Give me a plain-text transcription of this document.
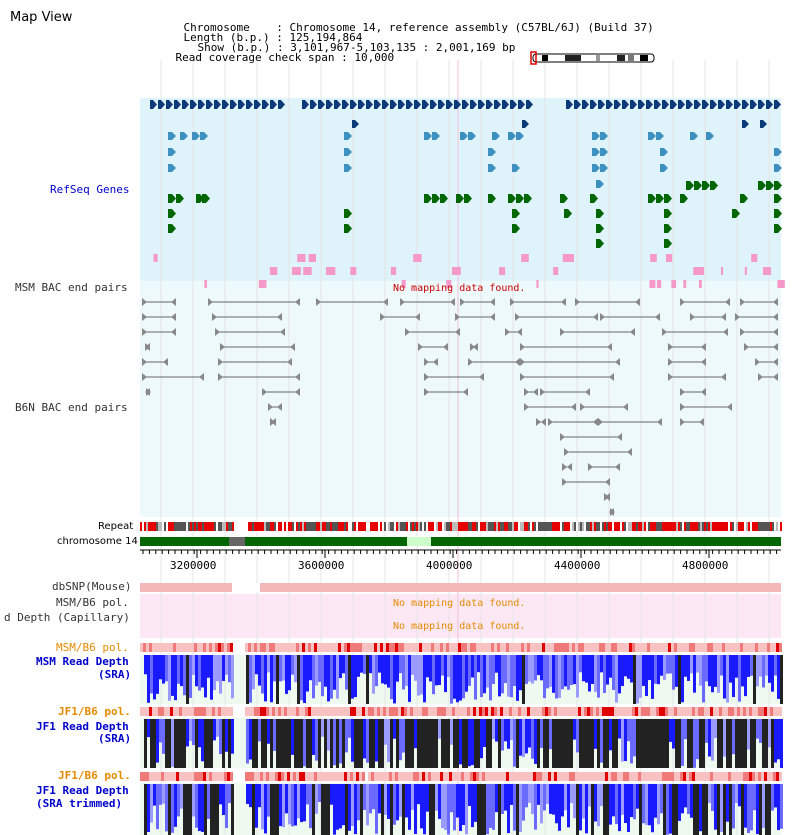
Map View

Chromosome    : Chromosome 14, reference assembly (C57BL/6J) (Build 37)

Length (b.p.) : 125,194,864

Show (b.p.) : 3,101,967-5,103,135 : 2,001,169 bp

Read coverage check span : 10,000

RefSeq Genes
MSM BAC end pairs
B6N BAC end pairs
Repeat
chromosome 14
dbSNP(Mouse)
MSM/B6 pol.
d Depth (Capillary)
MSM/B6 pol.
MSM Read Depth
(SRA)
JF1/B6 pol.
JF1 Read Depth
(SRA)
JF1/B6 pol.
JF1 Read Depth
(SRA trimmed)
No mapping data found.
No mapping data found.
No mapping data found.
3200000	3600000	4000000	4400000	4800000
